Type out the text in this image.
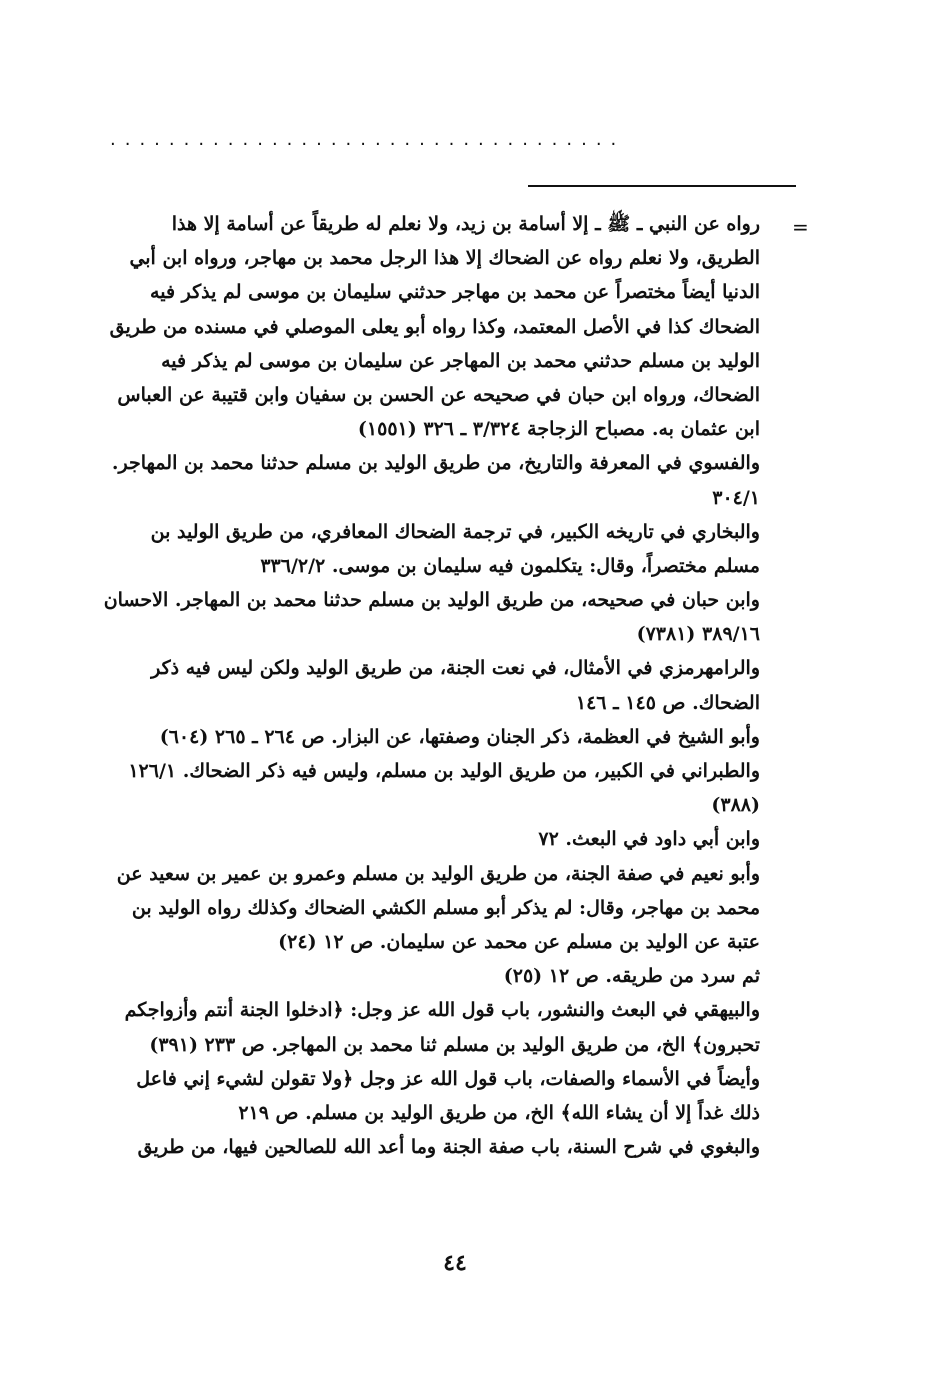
...................................
=
رواه عن النبي ـ ﷺ ـ إلا أسامة بن زيد، ولا نعلم له طريقاً عن أسامة إلا هذا
الطريق، ولا نعلم رواه عن الضحاك إلا هذا الرجل محمد بن مهاجر، ورواه ابن أبي
الدنيا أيضاً مختصراً عن محمد بن مهاجر حدثني سليمان بن موسى لم يذكر فيه
الضحاك كذا في الأصل المعتمد، وكذا رواه أبو يعلى الموصلي في مسنده من طريق
الوليد بن مسلم حدثني محمد بن المهاجر عن سليمان بن موسى لم يذكر فيه
الضحاك، ورواه ابن حبان في صحيحه عن الحسن بن سفيان وابن قتيبة عن العباس
ابن عثمان به. مصباح الزجاجة ٣/٣٢٤ ـ ٣٢٦ (١٥٥١)
والفسوي في المعرفة والتاريخ، من طريق الوليد بن مسلم حدثنا محمد بن المهاجر.
٣٠٤/١
والبخاري في تاريخه الكبير، في ترجمة الضحاك المعافري، من طريق الوليد بن
مسلم مختصراً، وقال: يتكلمون فيه سليمان بن موسى. ٣٣٦/٢/٢
وابن حبان في صحيحه، من طريق الوليد بن مسلم حدثنا محمد بن المهاجر. الاحسان
٣٨٩/١٦ (٧٣٨١)
والرامهرمزي في الأمثال، في نعت الجنة، من طريق الوليد ولكن ليس فيه ذكر
الضحاك. ص ١٤٥ ـ ١٤٦
وأبو الشيخ في العظمة، ذكر الجنان وصفتها، عن البزار. ص ٢٦٤ ـ ٢٦٥ (٦٠٤)
والطبراني في الكبير، من طريق الوليد بن مسلم، وليس فيه ذكر الضحاك. ١٢٦/١
(٣٨٨)
وابن أبي داود في البعث. ٧٢
وأبو نعيم في صفة الجنة، من طريق الوليد بن مسلم وعمرو بن عمير بن سعيد عن
محمد بن مهاجر، وقال: لم يذكر أبو مسلم الكشي الضحاك وكذلك رواه الوليد بن
عتبة عن الوليد بن مسلم عن محمد عن سليمان. ص ١٢ (٢٤)
ثم سرد من طريقه. ص ١٢ (٢٥)
والبيهقي في البعث والنشور، باب قول الله عز وجل: ﴿ادخلوا الجنة أنتم وأزواجكم
تحبرون﴾ الخ، من طريق الوليد بن مسلم ثنا محمد بن المهاجر. ص ٢٣٣ (٣٩١)
وأيضاً في الأسماء والصفات، باب قول الله عز وجل ﴿ولا تقولن لشيء إني فاعل
ذلك غداً إلا أن يشاء الله﴾ الخ، من طريق الوليد بن مسلم. ص ٢١٩
والبغوي في شرح السنة، باب صفة الجنة وما أعد الله للصالحين فيها، من طريق
٤٤
